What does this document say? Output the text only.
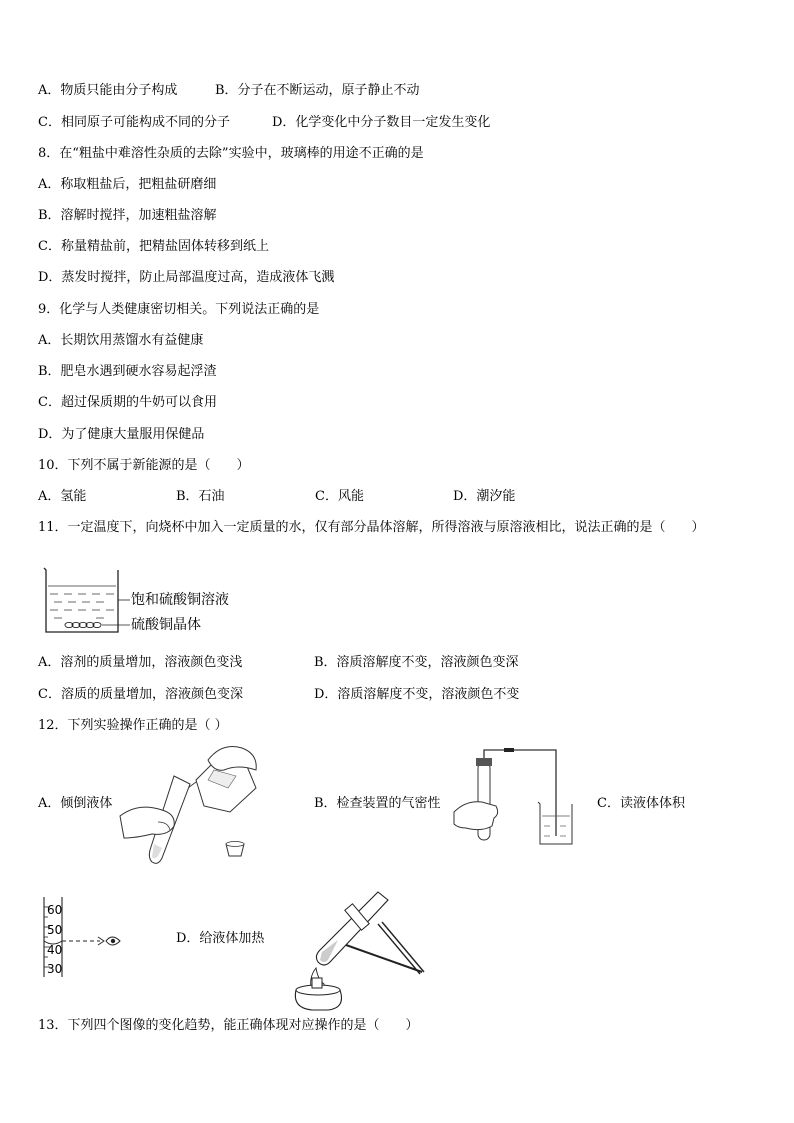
A．物质只能由分子构成	B．分子在不断运动，原子静止不动
C．相同原子可能构成不同的分子	D．化学变化中分子数目一定发生变化
8．在“粗盐中难溶性杂质的去除”实验中，玻璃棒的用途不正确的是
A．称取粗盐后，把粗盐研磨细
B．溶解时搅拌，加速粗盐溶解
C．称量精盐前，把精盐固体转移到纸上
D．蒸发时搅拌，防止局部温度过高，造成液体飞溅
9．化学与人类健康密切相关。下列说法正确的是
A．长期饮用蒸馏水有益健康
B．肥皂水遇到硬水容易起浮渣
C．超过保质期的牛奶可以食用
D．为了健康大量服用保健品
10．下列不属于新能源的是（　　）
A．氢能	B．石油	C．风能	D．潮汐能
11．一定温度下，向烧杯中加入一定质量的水，仅有部分晶体溶解，所得溶液与原溶液相比，说法正确的是（　　）
饱和硫酸铜溶液
硫酸铜晶体
A．溶剂的质量增加，溶液颜色变浅	B．溶质溶解度不变，溶液颜色变深
C．溶质的质量增加，溶液颜色变深	D．溶质溶解度不变，溶液颜色不变
12．下列实验操作正确的是（ ）
A．倾倒液体	B．检查装置的气密性	C．读液体体积
60
50
40
30
D．给液体加热
13．下列四个图像的变化趋势，能正确体现对应操作的是（　　）
